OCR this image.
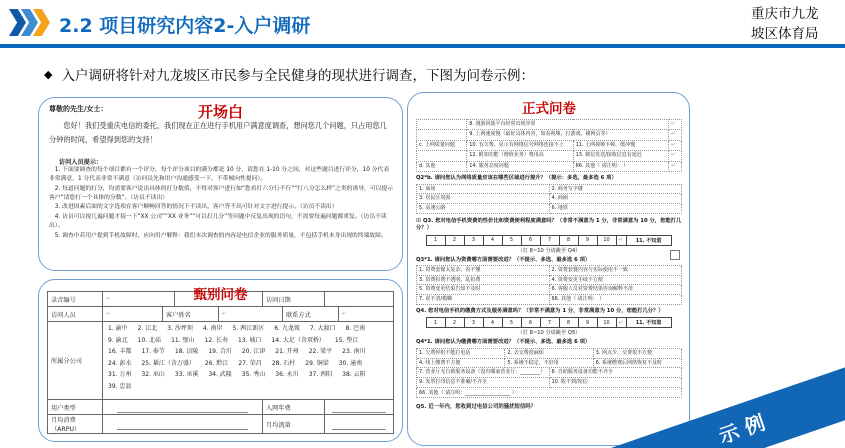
2.2 项目研究内容2-入户调研
重庆市九龙
坡区体育局
◆ 入户调研将针对九龙坡区市民参与全民健身的现状进行调查，下图为问卷示例：
开场白
尊敬的先生/女士：
您好！我们受重庆电信的委托，我们现在正在进行手机用户满意度调查，想问您几个问题，只占用您几分钟的时间，希望得到您的支持！
访问人员提示：
1. 下面要调查的每个项目都有一个评分，每个评分项目的满分都是 10 分，请您在 1-10 分之间，对这些题目进行评分，10 分代表非常满意，1 分代表非常不满意（访问员先和用户沟通感受一下，不带倾向性提问）。
2. 每道问题的打分，均需要客户说出具体的打分数值，不得对客户进行如“您看打六分行不行”“打八分怎么样”之类的诱导，可以提示客户“请您打一个具体的分数”。（访员不读出）
3. 改进因素后面的文字选项在客户顺畅回答的情况下不读出，客户答不出可针对文字进行提示。（访员不读出）
4. 访员可以视几遍问题才接一下“XX 公司”“XX 业务”“可以打几分”等问题中反复出现的语句，不需要每遍问题都重复。（访员不读出）。
5. 调查中若用户提到手机故障时，应向用户解释：我们本次调查的内容是电信企业的服务质量，不包括手机本身出现的终端故障。
甄别问卷
录音编号	↵	访问日期
访问人员	↵	客户姓名	↵	联系方式	↵
所属分公司
1. 渝中 2. 江北 3. 沙坪坝 4. 南岸 5. 两江新区 6. 九龙坡 7. 大渡口 8. 巴南
9. 渝北 10. 北碚 11. 璧山 12. 长寿 13. 城口 14. 大足（含双桥） 15. 垫江
16. 丰都 17. 奉节 18. 涪陵 19. 合川 20. 江津 21. 开州 22. 梁平 23. 南川
24. 彭水 25. 綦江（含万盛） 26. 黔江 27. 荣昌 28. 石柱 29. 铜梁 30. 潼南
31. 万州 32. 巫山 33. 巫溪 34. 武隆 35. 秀山 36. 永川 37. 酉阳 38. 云阳
39. 忠县
用户类型	入网年费
月均消费
（ARPU）
月均流量
正式问卷
	8. 漫游回拨平台经常出现异常		↵
	9. 上网速度慢（最好具体内容，如看视频、打游戏、刷网页等）		↵
c. 上网质量问题	10. 有欠费、显示有网络信号网络连接不上	11. 上网视频卡顿、缓冲慢	↵
	12. 附加功能（增值业务）费用高	13. 微信发送/接收信息有延迟	↵
d. 其他	14. 服务态度问题	66. 其他（ 请注明： ）	↵
Q2*b. 请问您认为网络质量应该在哪些区域进行提升？（提示：多选，最多选 6 项）
1. 商场	2. 商务写字楼
3. 居民区周围	4. 商圈
5. 高速公路	6. 地铁
⊞ Q3. 您对电信手机资费的性价比和资费便利程度满意吗？（非常不满意为 1 分，非常满意为 10 分，您能打几分？）
1	2	3	4	5	6	7	8	9	10	↵	11. 不知道
（打 8~10 分请跳至 Q4）
Q3*1. 请问您认为资费哪方面需要改进？（不提示、多选、最多选 6 项）
1. 资费套餐太复杂、看不懂	2. 资费套餐内容与实际使用不一致
3. 资费扣费不透明、乱扣费	4. 资费变更手续不方便
5. 资费变更结果告知不及时	6. 客服人员对资费结果咨询解释不清
7. 说不清/模糊	66. 其他（ 请注明： ）
Q4. 您对电信手机的缴费方式及服务满意吗？（非常不满意为 1 分，非常满意为 10 分，您能打几分？）
1	2	3	4	5	6	7	8	9	10	↵	11. 不知道
（打 8~10 分请跳至 Q5）
Q4*1. 请问您认为缴费哪方面需要改进？（不提示、多选、最多选 6 项）
1. 欠费停机不能打电话	2. 去交费很麻烦	3. 网点少、交费很不方便
4. 线上缴费不方便	5. 系统不稳定、不好用	6. 系统缴费后网络恢复不及时
7. 营业厅无自助服务设备（没有哪家营业厅：________）	8. 自助服务设备功能不齐全
9. 发票打印信息不准确/不齐全	10. 收不到/短信
66. 其他（ 请注明：__________________ ）
Q5. 近一年内，您收到过电信公司的骚扰短信吗？
示例
